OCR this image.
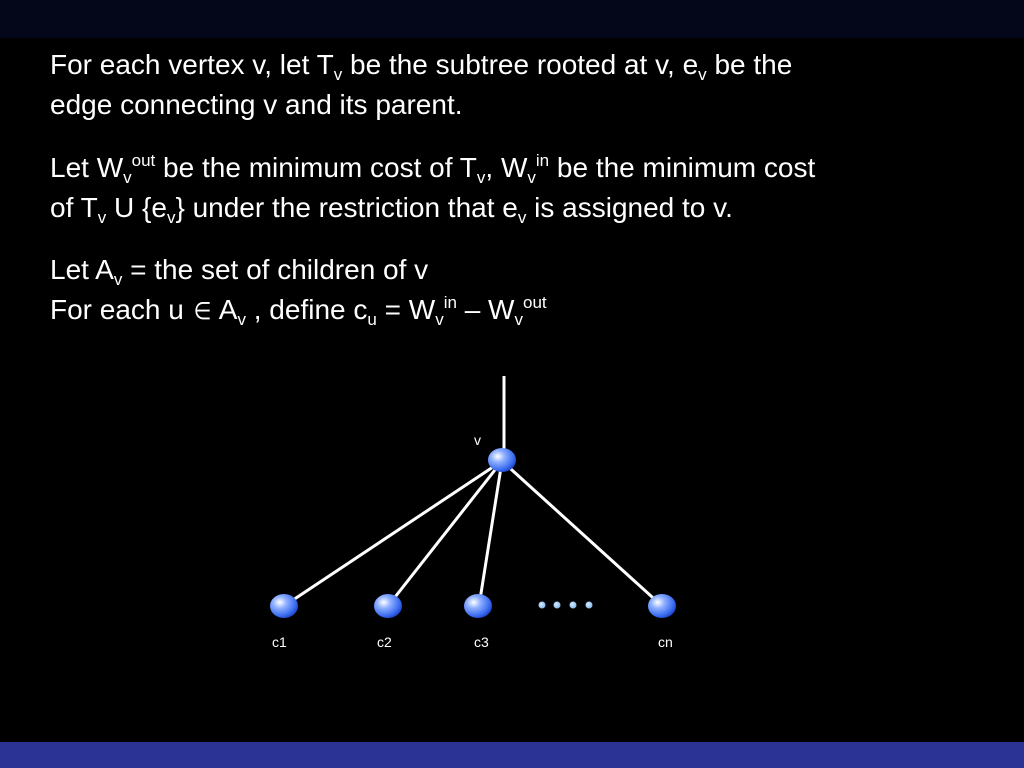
For each vertex v, let $T_v$ be the subtree rooted at v, $e_v$ be the
edge connecting v and its parent.

Let $W_v^{out}$ be the minimum cost of $T_v$, $W_v^{in}$ be the minimum cost
of $T_v$ U $\{e_v\}$ under the restriction that $e_v$ is assigned to v.

Let $A_v$ = the set of children of v
For each u ∈ $A_v$ , define $c_u = W_v^{in} - W_v^{out}$

v
c1	c2	c3	cn
